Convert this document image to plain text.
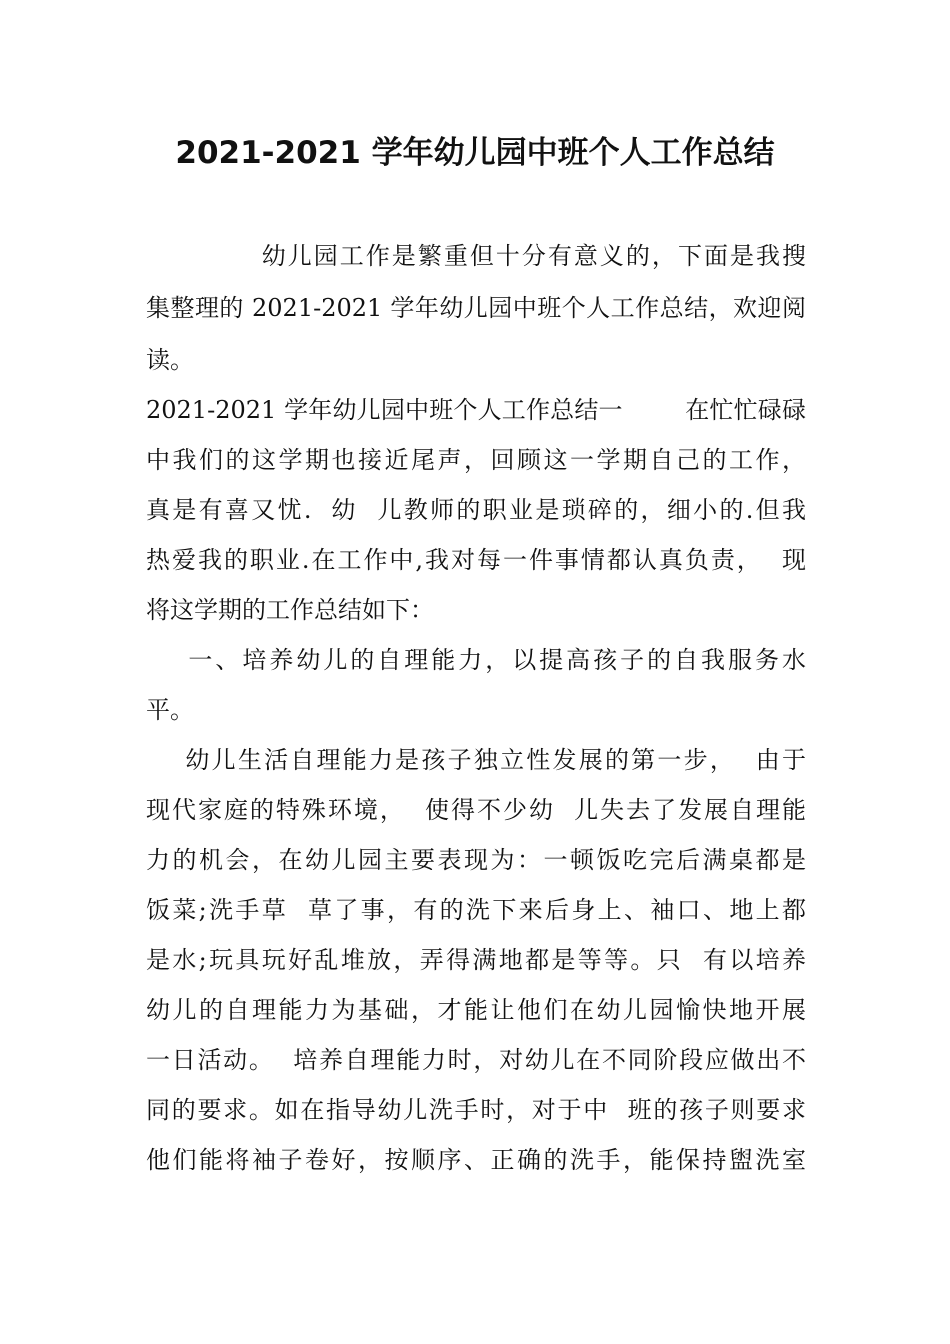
2021-2021 学年幼儿园中班个人工作总结

幼儿园工作是繁重但十分有意义的，下面是我搜

集整理的 2021-2021 学年幼儿园中班个人工作总结，欢迎阅

读。

2021-2021 学年幼儿园中班个人工作总结一        在忙忙碌碌

中我们的这学期也接近尾声，回顾这一学期自己的工作，

真是有喜又忧.  幼  儿教师的职业是琐碎的，细小的.但我

热爱我的职业.在工作中,我对每一件事情都认真负责，  现

将这学期的工作总结如下：

一、培养幼儿的自理能力，以提高孩子的自我服务水

平。

幼儿生活自理能力是孩子独立性发展的第一步，  由于

现代家庭的特殊环境，  使得不少幼  儿失去了发展自理能

力的机会，在幼儿园主要表现为：一顿饭吃完后满桌都是

饭菜;洗手草  草了事，有的洗下来后身上、袖口、地上都

是水;玩具玩好乱堆放，弄得满地都是等等。只  有以培养

幼儿的自理能力为基础，才能让他们在幼儿园愉快地开展

一日活动。  培养自理能力时，对幼儿在不同阶段应做出不

同的要求。如在指导幼儿洗手时，对于中  班的孩子则要求

他们能将袖子卷好，按顺序、正确的洗手，能保持盥洗室
